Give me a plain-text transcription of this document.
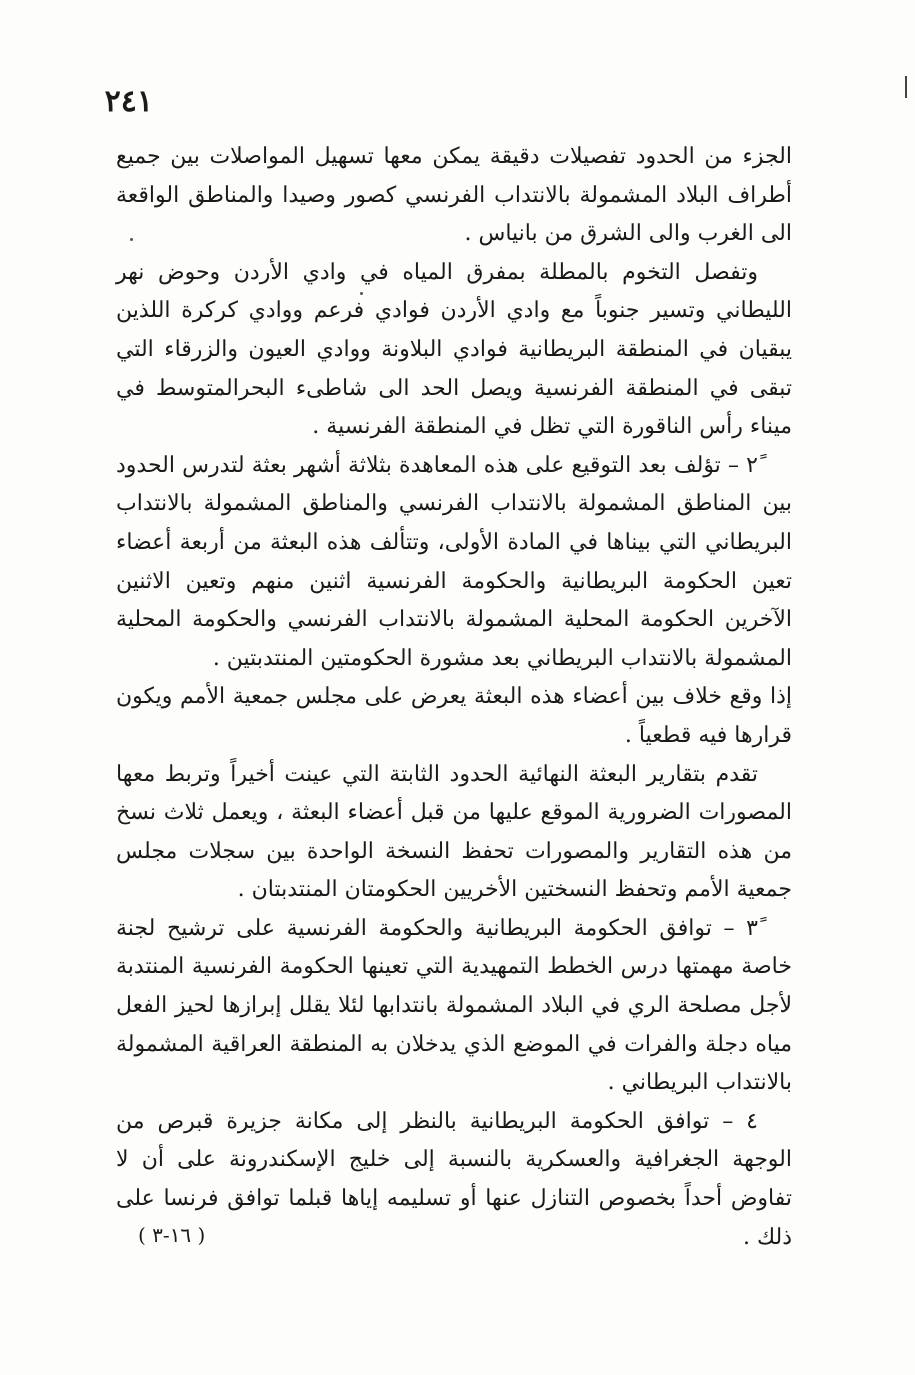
٢٤١

الجزء من الحدود تفصيلات دقيقة يمكن معها تسهيل المواصلات بين جميع أطراف البلاد المشمولة بالانتداب الفرنسي كصور وصيدا والمناطق الواقعة الى الغرب والى الشرق من بانياس .

وتفصل التخوم بالمطلة بمفرق المياه في وادي الأردن وحوض نهر الليطاني وتسير جنوباً مع وادي الأردن فوادي فرعم ووادي كركرة اللذين يبقيان في المنطقة البريطانية فوادي البلاونة ووادي العيون والزرقاء التي تبقى في المنطقة الفرنسية ويصل الحد الى شاطىء البحرالمتوسط في ميناء رأس الناقورة التي تظل في المنطقة الفرنسية .

٢ً – تؤلف بعد التوقيع على هذه المعاهدة بثلاثة أشهر بعثة لتدرس الحدود بين المناطق المشمولة بالانتداب الفرنسي والمناطق المشمولة بالانتداب البريطاني التي بيناها في المادة الأولى، وتتألف هذه البعثة من أربعة أعضاء تعين الحكومة البريطانية والحكومة الفرنسية اثنين منهم وتعين الاثنين الآخرين الحكومة المحلية المشمولة بالانتداب الفرنسي والحكومة المحلية المشمولة بالانتداب البريطاني بعد مشورة الحكومتين المنتدبتين .

إذا وقع خلاف بين أعضاء هذه البعثة يعرض على مجلس جمعية الأمم ويكون قرارها فيه قطعياً .

تقدم بتقارير البعثة النهائية الحدود الثابتة التي عينت أخيراً وتربط معها المصورات الضرورية الموقع عليها من قبل أعضاء البعثة ، ويعمل ثلاث نسخ من هذه التقارير والمصورات تحفظ النسخة الواحدة بين سجلات مجلس جمعية الأمم وتحفظ النسختين الأخريين الحكومتان المنتدبتان .

٣ً – توافق الحكومة البريطانية والحكومة الفرنسية على ترشيح لجنة خاصة مهمتها درس الخطط التمهيدية التي تعينها الحكومة الفرنسية المنتدبة لأجل مصلحة الري في البلاد المشمولة بانتدابها لئلا يقلل إبرازها لحيز الفعل مياه دجلة والفرات في الموضع الذي يدخلان به المنطقة العراقية المشمولة بالانتداب البريطاني .

٤ – توافق الحكومة البريطانية بالنظر إلى مكانة جزيرة قبرص من الوجهة الجغرافية والعسكرية بالنسبة إلى خليج الإسكندرونة على أن لا تفاوض أحداً بخصوص التنازل عنها أو تسليمه إياها قبلما توافق فرنسا على ذلك .

( ١٦-٣ )
